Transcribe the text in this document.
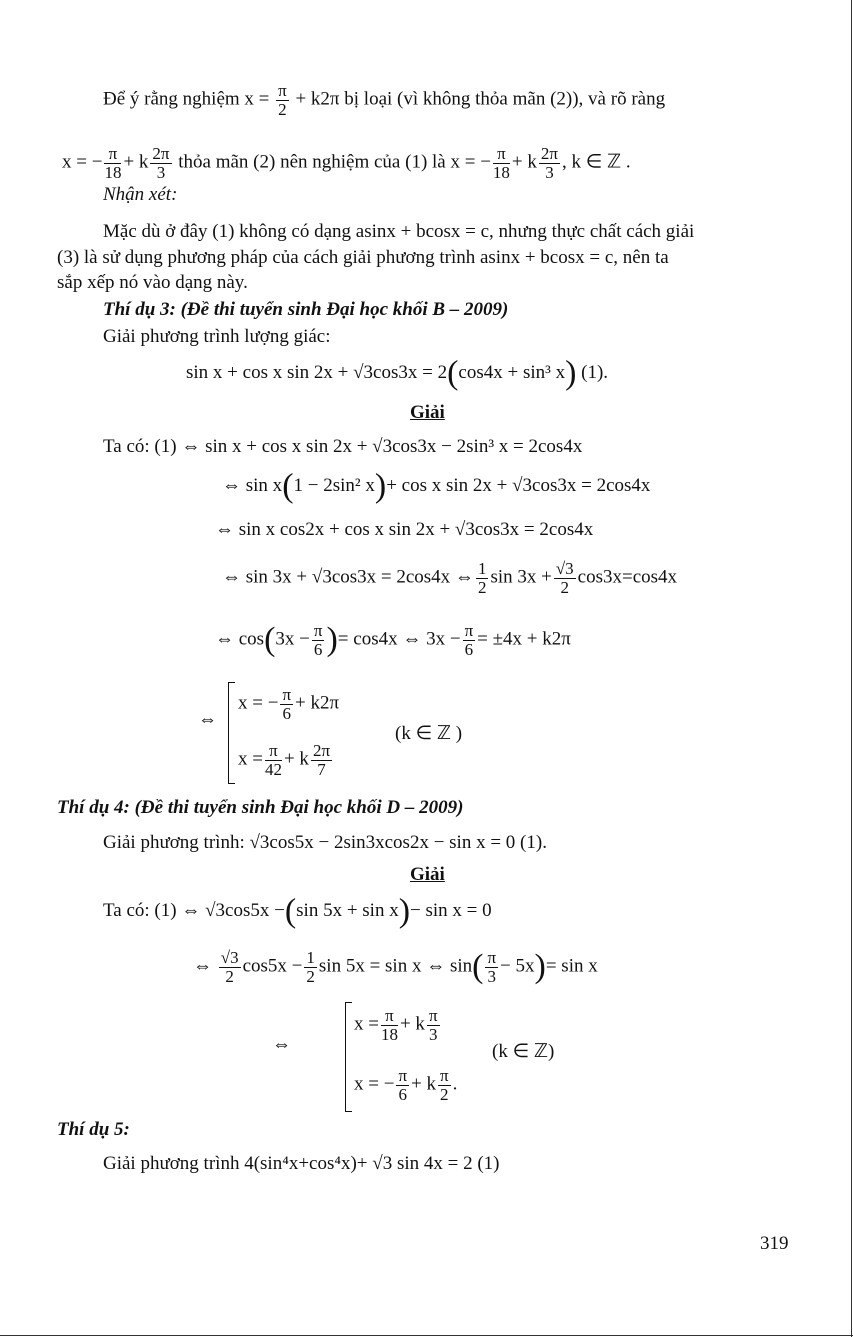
Để ý rằng nghiệm $x = \frac{\pi}{2} + k2\pi$ bị loại (vì không thỏa mãn (2)), và rõ ràng
x = − $\frac{\pi}{18} + k \frac{2\pi}{3}$ thỏa mãn (2) nên nghiệm của (1) là x = − $\frac{\pi}{18} + k \frac{2\pi}{3}$ , k ∈ ℤ .
Nhận xét:
Mặc dù ở đây (1) không có dạng asinx + bcosx = c, nhưng thực chất cách giải
(3) là sử dụng phương pháp của cách giải phương trình asinx + bcosx = c, nên ta
sắp xếp nó vào dạng này.
Thí dụ 3: (Đề thi tuyển sinh Đại học khối B – 2009)
Giải phương trình lượng giác:
sin x + cos x sin 2x + √3cos3x = 2(cos4x + sin³ x) (1).
Giải
Ta có: (1) ⇔ sin x + cos x sin 2x + √3cos3x − 2sin³ x = 2cos4x
⇔ sin x(1 − 2sin² x)+ cos x sin 2x + √3cos3x = 2cos4x
⇔ sin x cos2x + cos x sin 2x + √3cos3x = 2cos4x
⇔ sin 3x + √3cos3x = 2cos4x ⇔ $\frac{1}{2}$ $\sin 3x + \frac{√3}{2} \cos 3x=\cos 4x$
⇔ $\cos(3x - \frac{\pi}{6}$ )= cos4x ⇔ $3x - \frac{\pi}{6} = \pm 4x + k2\pi$
⇔
x = − $\frac{\pi}{6} + k2\pi$
(k ∈ ℤ )
$x = \frac{\pi}{42} + k \frac{2\pi}{7}$
Thí dụ 4: (Đề thi tuyển sinh Đại học khối D – 2009)
Giải phương trình: √3cos5x − 2sin3xcos2x − sin x = 0 (1).
Giải
Ta có: (1) ⇔ √3cos5x −(sin 5x + sin x)− sin x = 0
⇔ $\frac{√3}{2} \cos 5x - \frac{1}{2}$ sin 5x = sin x ⇔ $\sin( \frac{\pi}{3} - 5x)= \sin x$
⇔
$x = \frac{\pi}{18} + k \frac{\pi}{3}$
(k ∈ ℤ)
x = − $\frac{\pi}{6} + k \frac{\pi}{2}$ .
Thí dụ 5:
Giải phương trình 4(sin⁴x+cos⁴x)+ √3 sin 4x = 2 (1)
319
